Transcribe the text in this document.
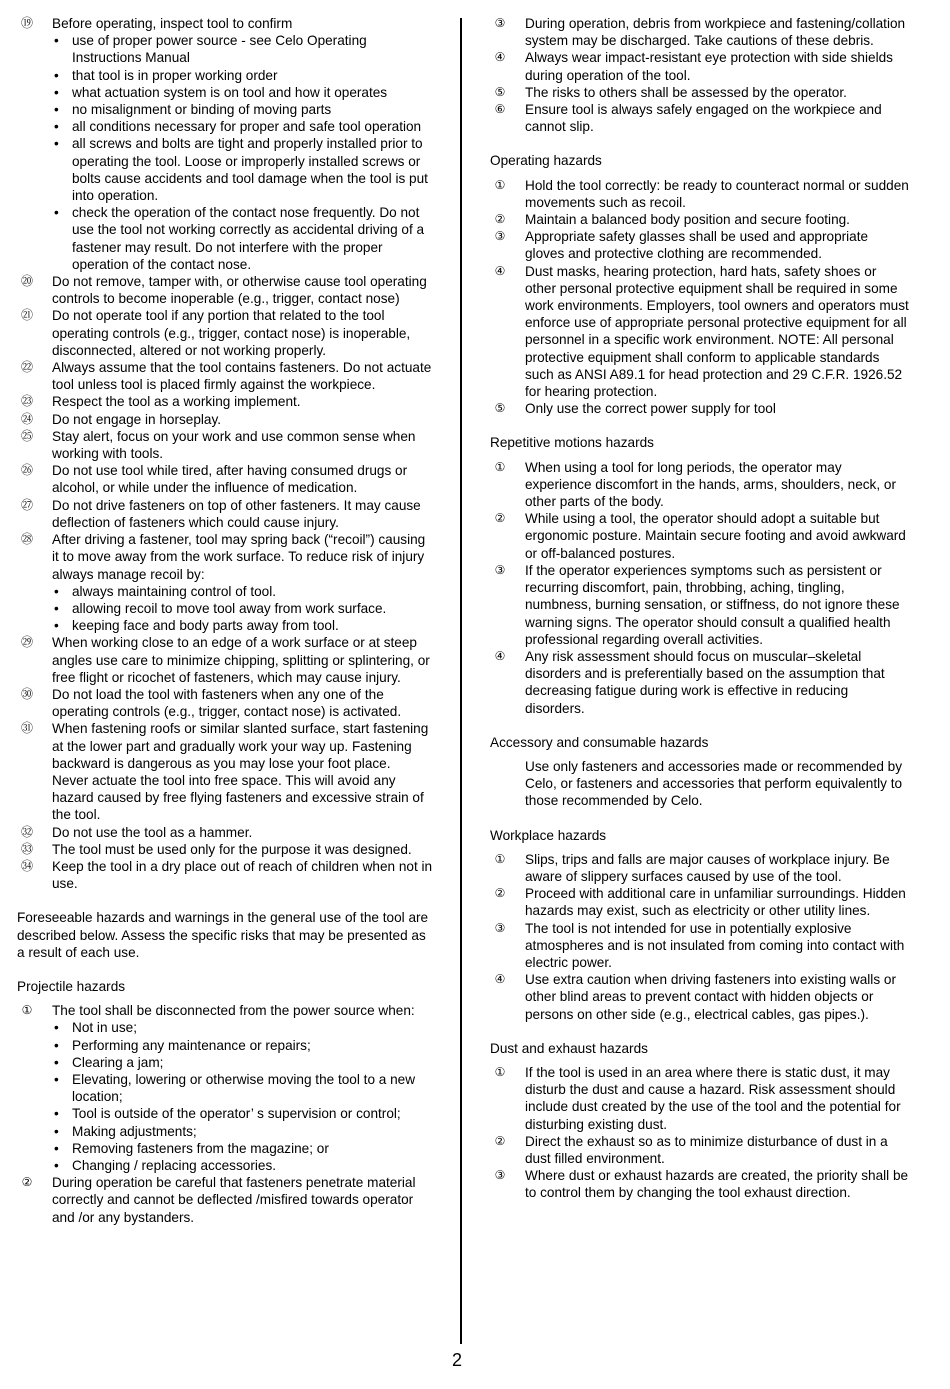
⑲ Before operating, inspect tool to confirm
• use of proper power source - see Celo Operating Instructions Manual
• that tool is in proper working order
• what actuation system is on tool and how it operates
• no misalignment or binding of moving parts
• all conditions necessary for proper and safe tool operation
• all screws and bolts are tight and properly installed prior to operating the tool. Loose or improperly installed screws or bolts cause accidents and tool damage when the tool is put into operation.
• check the operation of the contact nose frequently. Do not use the tool not working correctly as accidental driving of a fastener may result. Do not interfere with the proper operation of the contact nose.
⑳ Do not remove, tamper with, or otherwise cause tool operating controls to become inoperable (e.g., trigger, contact nose)
㉑ Do not operate tool if any portion that related to the tool operating controls (e.g., trigger, contact nose) is inoperable, disconnected, altered or not working properly.
㉒ Always assume that the tool contains fasteners. Do not actuate tool unless tool is placed firmly against the workpiece.
㉓ Respect the tool as a working implement.
㉔ Do not engage in horseplay.
㉕ Stay alert, focus on your work and use common sense when working with tools.
㉖ Do not use tool while tired, after having consumed drugs or alcohol, or while under the influence of medication.
㉗ Do not drive fasteners on top of other fasteners. It may cause deflection of fasteners which could cause injury.
㉘ After driving a fastener, tool may spring back (“recoil”) causing it to move away from the work surface. To reduce risk of injury always manage recoil by:
• always maintaining control of tool.
• allowing recoil to move tool away from work surface.
• keeping face and body parts away from tool.
㉙ When working close to an edge of a work surface or at steep angles use care to minimize chipping, splitting or splintering, or free flight or ricochet of fasteners, which may cause injury.
㉚ Do not load the tool with fasteners when any one of the operating controls (e.g., trigger, contact nose) is activated.
㉛ When fastening roofs or similar slanted surface, start fastening at the lower part and gradually work your way up. Fastening backward is dangerous as you may lose your foot place.
Never actuate the tool into free space. This will avoid any hazard caused by free flying fasteners and excessive strain of the tool.
㉜ Do not use the tool as a hammer.
㉝ The tool must be used only for the purpose it was designed.
㉞ Keep the tool in a dry place out of reach of children when not in use.
Foreseeable hazards and warnings in the general use of the tool are described below. Assess the specific risks that may be presented as a result of each use.
Projectile hazards
①	The tool shall be disconnected from the power source when:
• Not in use;
• Performing any maintenance or repairs;
• Clearing a jam;
• Elevating, lowering or otherwise moving the tool to a new location;
• Tool is outside of the operator’ s supervision or control;
• Making adjustments;
• Removing fasteners from the magazine; or
• Changing / replacing accessories.
②	During operation be careful that fasteners penetrate material correctly and cannot be deflected /misfired towards operator and /or any bystanders.
③	During operation, debris from workpiece and fastening/collation system may be discharged. Take cautions of these debris.
④	Always wear impact-resistant eye protection with side shields during operation of the tool.
⑤	The risks to others shall be assessed by the operator.
⑥	Ensure tool is always safely engaged on the workpiece and cannot slip.
Operating hazards
①	Hold the tool correctly: be ready to counteract normal or sudden movements such as recoil.
②	Maintain a balanced body position and secure footing.
③	Appropriate safety glasses shall be used and appropriate gloves and protective clothing are recommended.
④	Dust masks, hearing protection, hard hats, safety shoes or other personal protective equipment shall be required in some work environments. Employers, tool owners and operators must enforce use of appropriate personal protective equipment for all personnel in a specific work environment. NOTE: All personal protective equipment shall conform to applicable standards such as ANSI A89.1 for head protection and 29 C.F.R. 1926.52 for hearing protection.
⑤	Only use the correct power supply for tool
Repetitive motions hazards
①	When using a tool for long periods, the operator may experience discomfort in the hands, arms, shoulders, neck, or other parts of the body.
②	While using a tool, the operator should adopt a suitable but ergonomic posture. Maintain secure footing and avoid awkward or off-balanced postures.
③	If the operator experiences symptoms such as persistent or recurring discomfort, pain, throbbing, aching, tingling, numbness, burning sensation, or stiffness, do not ignore these warning signs. The operator should consult a qualified health professional regarding overall activities.
④	Any risk assessment should focus on muscular–skeletal disorders and is preferentially based on the assumption that decreasing fatigue during work is effective in reducing disorders.
Accessory and consumable hazards
Use only fasteners and accessories made or recommended by Celo, or fasteners and accessories that perform equivalently to those recommended by Celo.
Workplace hazards
①	Slips, trips and falls are major causes of workplace injury. Be aware of slippery surfaces caused by use of the tool.
②	Proceed with additional care in unfamiliar surroundings. Hidden hazards may exist, such as electricity or other utility lines.
③	The tool is not intended for use in potentially explosive atmospheres and is not insulated from coming into contact with electric power.
④	Use extra caution when driving fasteners into existing walls or other blind areas to prevent contact with hidden objects or persons on other side (e.g., electrical cables, gas pipes.).
Dust and exhaust hazards
①	If the tool is used in an area where there is static dust, it may disturb the dust and cause a hazard. Risk assessment should include dust created by the use of the tool and the potential for disturbing existing dust.
②	Direct the exhaust so as to minimize disturbance of dust in a dust filled environment.
③	Where dust or exhaust hazards are created, the priority shall be to control them by changing the tool exhaust direction.
2
